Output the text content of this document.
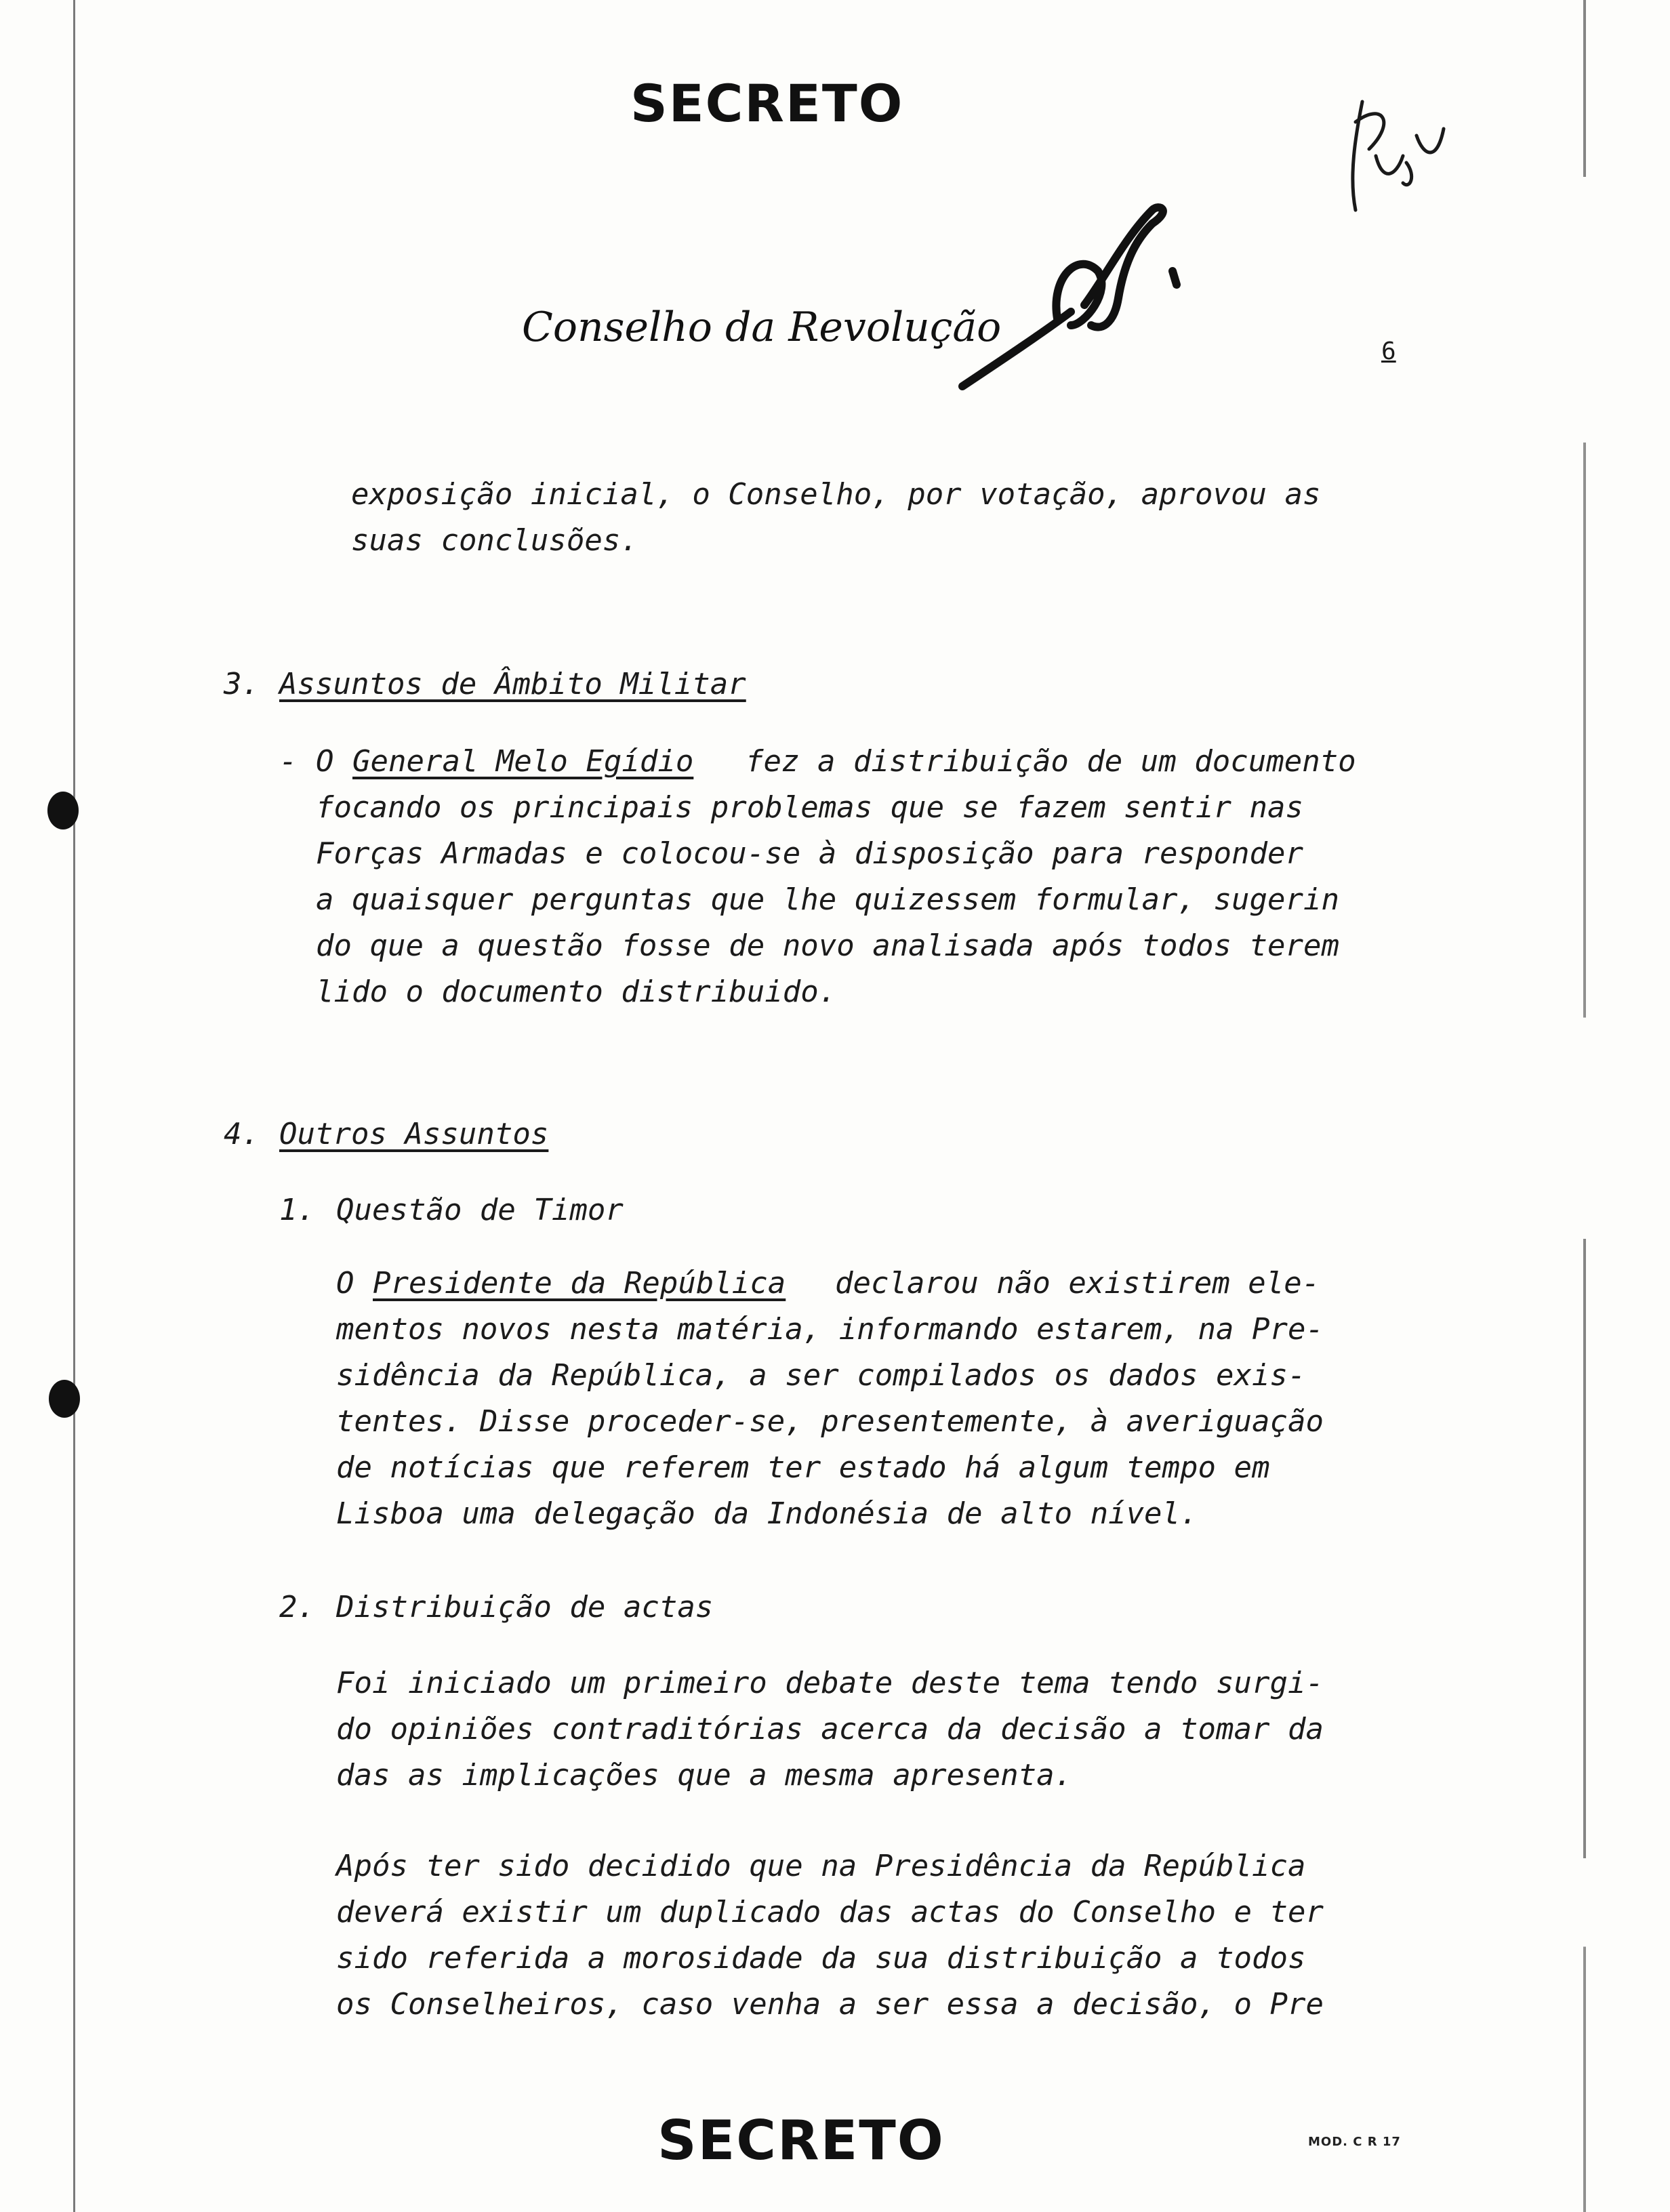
SECRETO
Conselho da Revolução
6
exposição inicial, o Conselho, por votação, aprovou as
suas conclusões.
3. Assuntos de Âmbito Militar
- O General Melo Egídio fez a distribuição de um documento
focando os principais problemas que se fazem sentir nas
Forças Armadas e colocou-se à disposição para responder
a quaisquer perguntas que lhe quizessem formular, sugerin
do que a questão fosse de novo analisada após todos terem
lido o documento distribuido.
4. Outros Assuntos
1. Questão de Timor
O Presidente da República declarou não existirem ele-
mentos novos nesta matéria, informando estarem, na Pre-
sidência da República, a ser compilados os dados exis-
tentes. Disse proceder-se, presentemente, à averiguação
de notícias que referem ter estado há algum tempo em
Lisboa uma delegação da Indonésia de alto nível.
2. Distribuição de actas
Foi iniciado um primeiro debate deste tema tendo surgi-
do opiniões contraditórias acerca da decisão a tomar da
das as implicações que a mesma apresenta.
Após ter sido decidido que na Presidência da República
deverá existir um duplicado das actas do Conselho e ter
sido referida a morosidade da sua distribuição a todos
os Conselheiros, caso venha a ser essa a decisão, o Pre
SECRETO	MOD. C R 17
